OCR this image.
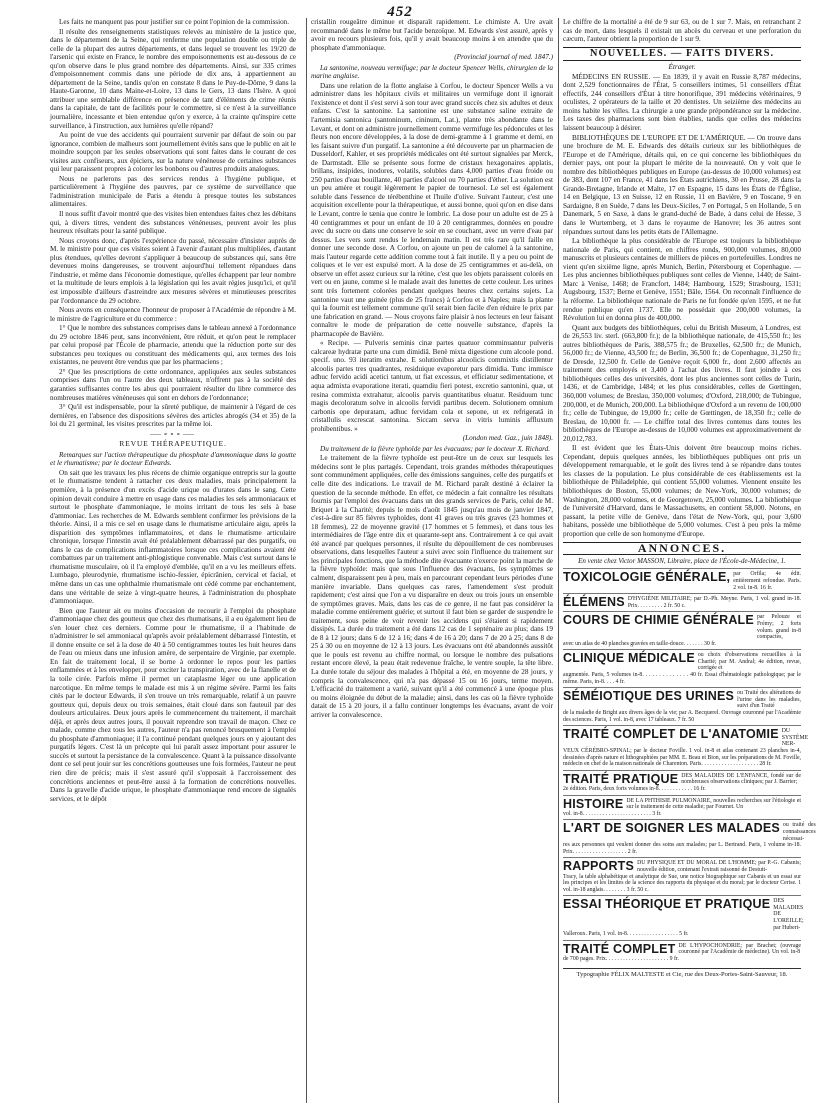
452

Les faits ne manquent pas pour justifier sur ce point l'opinion de la commission.

Il résulte des renseignements statistiques relevés au ministère de la justice que, dans le département de la Seine, qui renferme une population double ou triple de celle de la plupart des autres départements, et dans lequel se trouvent les 19/20 de l'arsenic qui existe en France, le nombre des empoisonnements est au-dessous de ce qu'on observe dans le plus grand nombre des départements. Ainsi, sur 335 crimes d'empoisonnement commis dans une période de dix ans, à appartiennent au département de la Seine, tandis qu'on en constate 8 dans le Puy-de-Dôme, 9 dans la Haute-Garonne, 10 dans Maine-et-Loire, 13 dans le Gers, 13 dans l'Isère. A quoi attribuer une semblable différence en présence de tant d'éléments de crime réunis dans la capitale, de tant de facilités pour le commettre, si ce n'est à la surveillance journalière, incessante et bien entendue qu'on y exerce, à la crainte qu'inspire cette surveillance, à l'instruction, aux lumières qu'elle répand?

Au point de vue des accidents qui pourraient survenir par défaut de soin ou par ignorance, combien de malheurs sont journellement évités sans que le public en ait le moindre soupçon par les seules observations qui sont faites dans le courant de ces visites aux confiseurs, aux épiciers, sur la nature vénéneuse de certaines substances qui leur paraissent propres à colorer les bonbons ou d'autres produits analogues.

Nous ne parlerons pas des services rendus à l'hygiène publique, et particulièrement à l'hygiène des pauvres, par ce système de surveillance que l'administration municipale de Paris a étendu à presque toutes les substances alimentaires.

Il nous suffit d'avoir montré que des visites bien entendues faites chez les débitans qui, à divers titres, vendent des substances vénéneuses, peuvent avoir les plus heureux résultats pour la santé publique.

Nous croyons donc, d'après l'expérience du passé, nécessaire d'insister auprès de M. le ministre pour que ces visites soient à l'avenir d'autant plus multipliées, d'autant plus étendues, qu'elles devront s'appliquer à beaucoup de substances qui, sans être devenues moins dangereuses, se trouvent aujourd'hui tellement répandues dans l'industrie, et même dans l'économie domestique, qu'elles échappent par leur nombre et la multitude de leurs emplois à la législation qui les avait régies jusqu'ici, et qu'il est impossible d'ailleurs d'astreindre aux mesures sévères et minutieuses prescrites par l'ordonnance du 29 octobre.

Nous avons en conséquence l'honneur de proposer à l'Académie de répondre à M. le ministre de l'agriculture et du commerce :

1° Que le nombre des substances comprises dans le tableau annexé à l'ordonnance du 29 octobre 1846 peut, sans inconvénient, être réduit, et qu'on peut le remplacer par celui proposé par l'École de pharmacie, attendu que la réduction porte sur des substances peu toxiques ou constituant des médicaments qui, aux termes des lois existantes, ne peuvent être vendus que par les pharmaciens ;

2° Que les prescriptions de cette ordonnance, appliquées aux seules substances comprises dans l'un ou l'autre des deux tableaux, n'offrent pas à la société des garanties suffisantes contre les abus qui pourraient résulter du libre commerce des nombreuses matières vénéneuses qui sont en dehors de l'ordonnance;

3° Qu'il est indispensable, pour la sûreté publique, de maintenir à l'égard de ces dernières, en l'absence des dispositions sévères des articles abrogés (34 et 35) de la loi du 21 germinal, les visites prescrites par la même loi.

⸺∘∘∘⸺
REVUE THÉRAPEUTIQUE.

Remarques sur l'action thérapeutique du phosphate d'ammoniaque dans la goutte et le rhumatisme; par le docteur Edwards.

On sait que les travaux les plus récens de chimie organique entrepris sur la goutte et le rhumatisme tendent à rattacher ces deux maladies, mais principalement la première, à la présence d'un excès d'acide urique ou d'urates dans le sang. Cette opinion devait conduire à mettre en usage dans ces maladies les sels ammoniacaux et surtout le phosphate d'ammoniaque, le moins irritant de tous les sels à base d'ammoniac. Les recherches de M. Edwards semblent confirmer les prévisions de la théorie. Ainsi, il a mis ce sel en usage dans le rhumatisme articulaire aigu, après la disparition des symptômes inflammatoires, et dans le rhumatisme articulaire chronique, lorsque l'intestin avait été préalablement débarrassé par des purgatifs, ou dans le cas de complications inflammatoires lorsque ces complications avaient été combattues par un traitement anti-phlogistique convenable. Mais c'est surtout dans le rhumatisme musculaire, où il l'a employé d'emblée, qu'il en a vu les meilleurs effets. Lumbago, pleurodynie, rhumatisme ischio-fessier, épicrânien, cervical et facial, et même dans un cas une ophthalmie rhumatismale ont cédé comme par enchantement, dans une véritable de seize à vingt-quatre heures, à l'administration du phosphate d'ammoniaque.

Bien que l'auteur ait eu moins d'occasion de recourir à l'emploi du phosphate d'ammoniaque chez des goutteux que chez des rhumatisans, il a eu également lieu de s'en louer chez ces derniers. Comme pour le rhumatisme, il a l'habitude de n'administrer le sel ammoniacal qu'après avoir préalablement débarrassé l'intestin, et il donne ensuite ce sel à la dose de 40 à 50 centigrammes toutes les huit heures dans de l'eau ou mieux dans une infusion amère, de serpentaire de Virginie, par exemple. En fait de traitement local, il se borne à ordonner le repos pour les parties enflammées et à les envelopper, pour exciter la transpiration, avec de la flanelle et de la toile cirée. Parfois même il permet un cataplasme léger ou une application narcotique. En même temps le malade est mis à un régime sévère. Parmi les faits cités par le docteur Edwards, il s'en trouve un très remarquable, relatif à un pauvre goutteux qui, depuis deux ou trois semaines, était cloué dans son fauteuil par des douleurs articulaires. Deux jours après le commencement du traitement, il marchait déjà, et après deux autres jours, il pouvait reprendre son travail de maçon. Chez ce malade, comme chez tous les autres, l'auteur n'a pas renoncé brusquement à l'emploi du phosphate d'ammoniaque; il l'a continué pendant quelques jours en y ajoutant des purgatifs légers. C'est là un précepte qui lui paraît assez important pour assurer le succès et surtout la persistance de la convalescence. Quant à la puissance dissolvante dont ce sel peut jouir sur les concrétions goutteuses une fois formées, l'auteur ne peut rien dire de précis; mais il s'est assuré qu'il s'opposait à l'accroissement des concrétions anciennes et peut-être aussi à la formation de concrétions nouvelles. Dans la gravelle d'acide urique, le phosphate d'ammoniaque rend encore de signalés services, et le dépôt

cristallin rougeâtre diminue et disparaît rapidement. Le chimiste A. Ure avait recommandé dans le même but l'acide benzoïque. M. Edwards s'est assuré, après y avoir eu recours plusieurs fois, qu'il y avait beaucoup moins à en attendre que du phosphate d'ammoniaque.

(Provincial journal of med. 1847.)

La santonine, nouveau vermifuge; par le docteur Spencer Wells, chirurgien de la marine anglaise.

Dans une relation de la flotte anglaise à Corfou, le docteur Spencer Wells a vu administrer dans les hôpitaux civils et militaires un vermifuge dont il ignorait l'existence et dont il s'est servi à son tour avec grand succès chez six adultes et deux enfans. C'est la santonine. La santonine est une substance saline extraite de l'artemisia santonica (santoninum, cininum, Lat.), plante très abondante dans le Levant, et dont on administre journellement comme vermifuge les pédoncules et les fleurs non encore développées, à la dose de demi-gramme à 1 gramme et demi, en les faisant suivre d'un purgatif. La santonine a été découverte par un pharmacien de Dusseldorf, Kahler, et ses propriétés médicales ont été surtout signalées par Merck, de Darmstadt. Elle se présente sous forme de cristaux hexagonaires applatis, brillans, insipides, inodores, volatils, solubles dans 4,000 parties d'eau froide ou 250 parties d'eau bouillante, 40 parties d'alcool ou 70 parties d'éther. La solution est un peu amère et rougit légèrement le papier de tournesol. Le sel est également soluble dans l'essence de térébenthine et l'huile d'olive. Suivant l'auteur, c'est une acquisition excellente pour la thérapeutique, et aussi bonne, quoi qu'on en dise dans le Levant, contre le tænia que contre le lombric. La dose pour un adulte est de 25 à 40 centigrammes et pour un enfant de 10 à 20 centigrammes, données en poudre avec du sucre ou dans une conserve le soir en se couchant, avec un verre d'eau par dessus. Les vers sont rendus le lendemain matin. Il est très rare qu'il faille en donner une seconde dose. A Corfou, on ajoute un peu de calomel à la santonine, mais l'auteur regarde cette addition comme tout à fait inutile. Il y a peu ou point de coliques et le ver est expulsé mort. A la dose de 25 centigrammes et au-delà, on observe un effet assez curieux sur la rétine, c'est que les objets paraissent colorés en vert ou en jaune, comme si le malade avait des lunettes de cette couleur. Les urines sont très fortement colorées pendant quelques heures chez certains sujets. La santonine vaut une guinée (plus de 25 francs) à Corfou et à Naples; mais la plante qui la fournit est tellement commune qu'il serait bien facile d'en réduire le prix par une fabrication en grand. — Nous croyons faire plaisir à nos lecteurs en leur faisant connaître le mode de préparation de cette nouvelle substance, d'après la pharmacopée de Bavière.

« Recipe. — Pulveris seminis cinæ partes quatuor comminuantur pulveris calcareæ hydratæ parte una cum dimidiâ. Benè mixta digestione cum alcoole pond. specif. uno. 93 iteratim extrahe. E solutionibus alcoolicis commixtis distillentur alcoolis partes tres quadrantes, residuique evaporetur pars dimidia. Tunc immisce adhuc fervido acidi acetici tantum, ut fiat excessus, et efficiatur sedimentatione, et aqua admixta evaporatione iterati, quamdiu fieri potest, excretio santonini, quæ, ut resina commixta extrahatur, alcoolis parvis quantitatibus eluatur. Residuum tunc magis decoloratum solve in alcoolis fervidi partibus decem. Solutionem omnium carbonis ope depuratam, adhuc fervidam cola et sepone, ut ex refrigeratâ in cristallulis excrescat santonina. Siccam serva in vitris luminis affluxum prohibentibus. »

(London med. Gaz., juin 1848).

Du traitement de la fièvre typhoïde par les évacuans; par le docteur X. Richard.

Le traitement de la fièvre typhoïde est peut-être un de ceux sur lesquels les médecins sont le plus partagés. Cependant, trois grandes méthodes thérapeutiques sont communément appliquées, celle des émissions sanguines, celle des purgatifs et celle dite des indications. Le travail de M. Richard paraît destiné à éclairer la question de la seconde méthode. En effet, ce médecin a fait connaître les résultats fournis par l'emploi des évacuans dans un des grands services de Paris, celui de M. Briquet à la Charité; depuis le mois d'août 1845 jusqu'au mois de janvier 1847, c'est-à-dire sur 85 fièvres typhoïdes, dont 41 graves ou très graves (23 hommes et 18 femmes), 22 de moyenne gravité (17 hommes et 5 femmes), et dans tous les intermédiaires de l'âge entre dix et quarante-sept ans. Contrairement à ce qui avait été avancé par quelques personnes, il résulte du dépouillement de ces nombreuses observations, dans lesquelles l'auteur a suivi avec soin l'influence du traitement sur les principales fonctions, que la méthode dite évacuante n'exerce point la marche de la fièvre typhoïde: mais que sous l'influence des évacuans, les symptômes se calment, disparaissent peu à peu, mais en parcourant cependant leurs périodes d'une manière invariable. Dans quelques cas rares, l'amendement s'est produit rapidement; c'est ainsi que l'on a vu disparaître en deux ou trois jours un ensemble de symptômes graves. Mais, dans les cas de ce genre, il ne faut pas considérer la maladie comme entièrement guérie; et surtout il faut bien se garder de suspendre le traitement, sous peine de voir revenir les accidens qui s'étaient si rapidement dissipés. La durée du traitement a été dans 12 cas de 1 septénaire au plus; dans 19 de 8 à 12 jours; dans 6 de 12 à 16; dans 4 de 16 à 20; dans 7 de 20 à 25; dans 8 de 25 à 30 ou en moyenne de 12 à 13 jours. Les évacuans ont été abandonnés aussitôt que le pouls est revenu au chiffre normal, ou lorsque le nombre des pulsations restant encore élevé, la peau était redevenue fraîche, le ventre souple, la tête libre. La durée totale du séjour des malades à l'hôpital a été, en moyenne de 28 jours, y compris la convalescence, qui n'a pas dépassé 15 ou 16 jours, terme moyen. L'efficacité du traitement a varié, suivant qu'il a été commencé à une époque plus ou moins éloignée du début de la maladie; ainsi, dans les cas où la fièvre typhoïde datait de 15 à 20 jours, il a fallu continuer longtemps les évacuans, avant de voir arriver la convalescence.

Le chiffre de la mortalité a été de 9 sur 63, ou de 1 sur 7. Mais, en retranchant 2 cas de mort, dans lesquels il existait un abcès du cerveau et une perforation du cæcum, l'auteur obtient la proportion de 1 sur 9.

NOUVELLES. — FAITS DIVERS.
Étranger.

MÉDECINS EN RUSSIE. — En 1839, il y avait en Russie 8,787 médecins, dont 2,529 fonctionnaires de l'État, 5 conseillers intimes, 51 conseillers d'État effectifs, 244 conseillers d'État à titre honorifique, 391 médecins vétérinaires, 9 oculistes, 2 opérateurs de la taille et 20 dentistes. Un seizième des médecins au moins habite les villes. La chirurgie a une grande prépondérance sur la médecine. Les taxes des pharmaciens sont bien établies, tandis que celles des médecins laissent beaucoup à désirer.

BIBLIOTHÈQUES DE L'EUROPE ET DE L'AMÉRIQUE. — On trouve dans une brochure de M. E. Edwards des détails curieux sur les bibliothèques de l'Europe et de l'Amérique, détails qui, en ce qui concerne les bibliothèques du dernier pays, ont pour la plupart le mérite de la nouveauté. On y voit que le nombre des bibliothèques publiques en Europe (au-dessus de 10,000 volumes) est de 383, dont 107 en France, 41 dans les États autrichiens, 30 en Prusse, 28 dans la Grande-Bretagne, Irlande et Malte, 17 en Espagne, 15 dans les États de l'Église, 14 en Belgique, 13 en Suisse, 12 en Russie, 11 en Bavière, 9 en Toscane, 9 en Sardaigne, 8 en Suède, 7 dans les Deux-Siciles, 7 en Portugal, 5 en Hollande, 5 en Danemark, 5 en Saxe, à dans le grand-duché de Bade, à dans celui de Hesse, 3 dans le Wurtemberg, et 3 dans le royaume de Hanovre; les 36 autres sont répandues surtout dans les petits états de l'Allemagne.

La bibliothèque la plus considérable de l'Europe est toujours la bibliothèque nationale de Paris, qui contient, en chiffres ronds, 900,000 volumes, 80,000 manuscrits et plusieurs centaines de milliers de pièces en portefeuilles. Londres ne vient qu'en sixième ligne, après Munich, Berlin, Pétersbourg et Copenhague. — Les plus anciennes bibliothèques publiques sont celles de Vienne, 1440; de Saint-Marc à Venise, 1468; de Francfort, 1484; Hambourg, 1529; Strasbourg, 1531; Augsbourg, 1537; Berne et Genève, 1551; Bâle, 1564. On reconnaît l'influence de la réforme. La bibliothèque nationale de Paris ne fut fondée qu'en 1595, et ne fut rendue publique qu'en 1737. Elle ne possédait que 200,000 volumes, la Révolution lui en donna plus de 400,000.

Quant aux budgets des bibliothèques, celui du British Museum, à Londres, est de 26,553 liv. sterl. (663,800 fr.); de la bibliothèque nationale, de 415,550 fr.; les autres bibliothèques de Paris, 388,575 fr.; de Bruxelles, 62,500 fr.; de Munich, 56,000 fr.; de Vienne, 43,500 fr.; de Berlin, 36,500 fr.; de Copenhague, 31,250 fr.; de Dresde, 12,500 fr. Celle de Genève reçoit 6,000 fr., dont 2,600 affectés au traitement des employés et 3,400 à l'achat des livres. Il faut joindre à ces bibliothèques celles des universités, dont les plus anciennes sont celles de Turin, 1436, et de Cambridge, 1484; et les plus considérables, celles de Gœttingen, 360,000 volumes; de Breslau, 350,000 volumes; d'Oxford, 218,000; de Tubingue, 200,000, et de Munich, 200,000. La bibliothèque d'Oxford a un revenu de 100,000 fr.; celle de Tubingue, de 19,000 fr.; celle de Gœttingen, de 18,350 fr.; celle de Breslau, de 10,000 fr. — Le chiffre total des livres contenus dans toutes les bibliothèques de l'Europe au-dessus de 10,000 volumes est approximativement de 20,012,783.

Il est évident que les États-Unis doivent être beaucoup moins riches. Cependant, depuis quelques années, les bibliothèques publiques ont pris un développement remarquable, et le goût des livres tend à se répandre dans toutes les classes de la population. Le plus considérable de ces établissements est la bibliothèque de Philadelphie, qui contient 55,000 volumes. Viennent ensuite les bibliothèques de Boston, 55,000 volumes; de New-York, 30,000 volumes; de Washington, 28,000 volumes, et de Georgetown, 25,000 volumes. La bibliothèque de l'université d'Harvard, dans le Massachusetts, en contient 58,000. Notons, en passant, la petite ville de Genève, dans l'état de New-York, qui, pour 3,600 habitans, possède une bibliothèque de 5,000 volumes. C'est à peu près la même proportion que celle de son homonyme d'Europe.

ANNONCES.
En vente chez Victor MASSON, Libraire, place de l'École-de-Médecine, 1.
TOXICOLOGIE GÉNÉRALE, par Orfila; 4e édit. entièrement refondue. Paris. 2 vol. in-8. 16 fr.
ÉLÉMENS D'HYGIÈNE MILITAIRE; par D.-Ph. Meyne. Paris, 1 vol. grand in-18. Prix. . . . . . . . . 2 fr. 50 c.
COURS DE CHIMIE GÉNÉRALE par Pelouze et Frémy; 2 forts volum. grand in-8 compactes,
avec un atlas de 40 planches gravées en taille-douce. . . . . . . 30 fr.
CLINIQUE MÉDICALE ou choix d'observations recueillies à la Charité; par M. Andral; 4e édition, revue, corrigée et
augmentée. Paris, 5 volumes in-8. . . . . . . . . . . . . . 40 fr. Essai d'hématologie pathologique; par le même. Paris, in-8. . . . 4 fr.
SÉMÉIOTIQUE DES URINES ou Traité des altérations de l'urine dans les maladies, suivi d'un Traité
de la maladie de Bright aux divers âges de la vie; par A. Becquerel. Ouvrage couronné par l'Académie des sciences. Paris, 1 vol. in-8, avec 17 tableaux. 7 fr. 50
TRAITÉ COMPLET DE L'ANATOMIE DU SYSTÈME NER-
VEUX CÉRÉBRO-SPINAL; par le docteur Foville. 1 vol. in-8 et atlas contenant 23 planches in-4, dessinées d'après nature et lithographiées par MM. E. Beau et Bion, sur les préparations de M. Foville, médecin en chef de la maison nationale de Charenton. Paris. . . . . . . . . . . . . . . . . . . . 28 fr.
TRAITÉ PRATIQUE DES MALADIES DE L'ENFANCE, fondé sur de nombreuses observations cliniques; par J. Barrier;
2e édition. Paris, deux forts volumes in-8. . . . . . . . . . . . 16 fr.
HISTOIRE DE LA PHTHISIE PULMONAIRE, nouvelles recherches sur l'étiologie et sur le traitement de cette maladie; par Fournet. Un
vol. in-8. . . . . . . . . . . . . . . . . . . . . . . . 3 fr.
L'ART DE SOIGNER LES MALADES ou traité des connaissances nécessai-
res aux personnes qui veulent donner des soins aux malades; par L. Bertrand. Paris, 1 volume in-18. Prix. . . . . . . . . . . . . . . . . . . 2 fr.
RAPPORTS DU PHYSIQUE ET DU MORAL DE L'HOMME; par P.-G. Cabanis; nouvelle édition, contenant l'extrait raisonné de Destutt-
Tracy, la table alphabétique et analytique de Sue, une notice biographique sur Cabanis et un essai sur les principes et les limites de la science des rapports du physique et du moral; par le docteur Cerise. 1 vol. in-18 anglais. . . . . . . . 3 fr. 50 c.
ESSAI THÉORIQUE ET PRATIQUE DES MALADIES DE L'OREILLE; par Hubert-
Valleroux. Paris, 1 vol. in-8. . . . . . . . . . . . . . . . . . 5 fr.
TRAITÉ COMPLET DE L'HYPOCHONDRIE; par Brachet; (ouvrage couronné par l'Académie de médecine). Un vol. in-8
de 700 pages. Prix. . . . . . . . . . . . . . . . . . . . . . 9 fr.
Typographie FÉLIX MALTESTE et Cie, rue des Deux-Portes-Saint-Sauveur, 18.
